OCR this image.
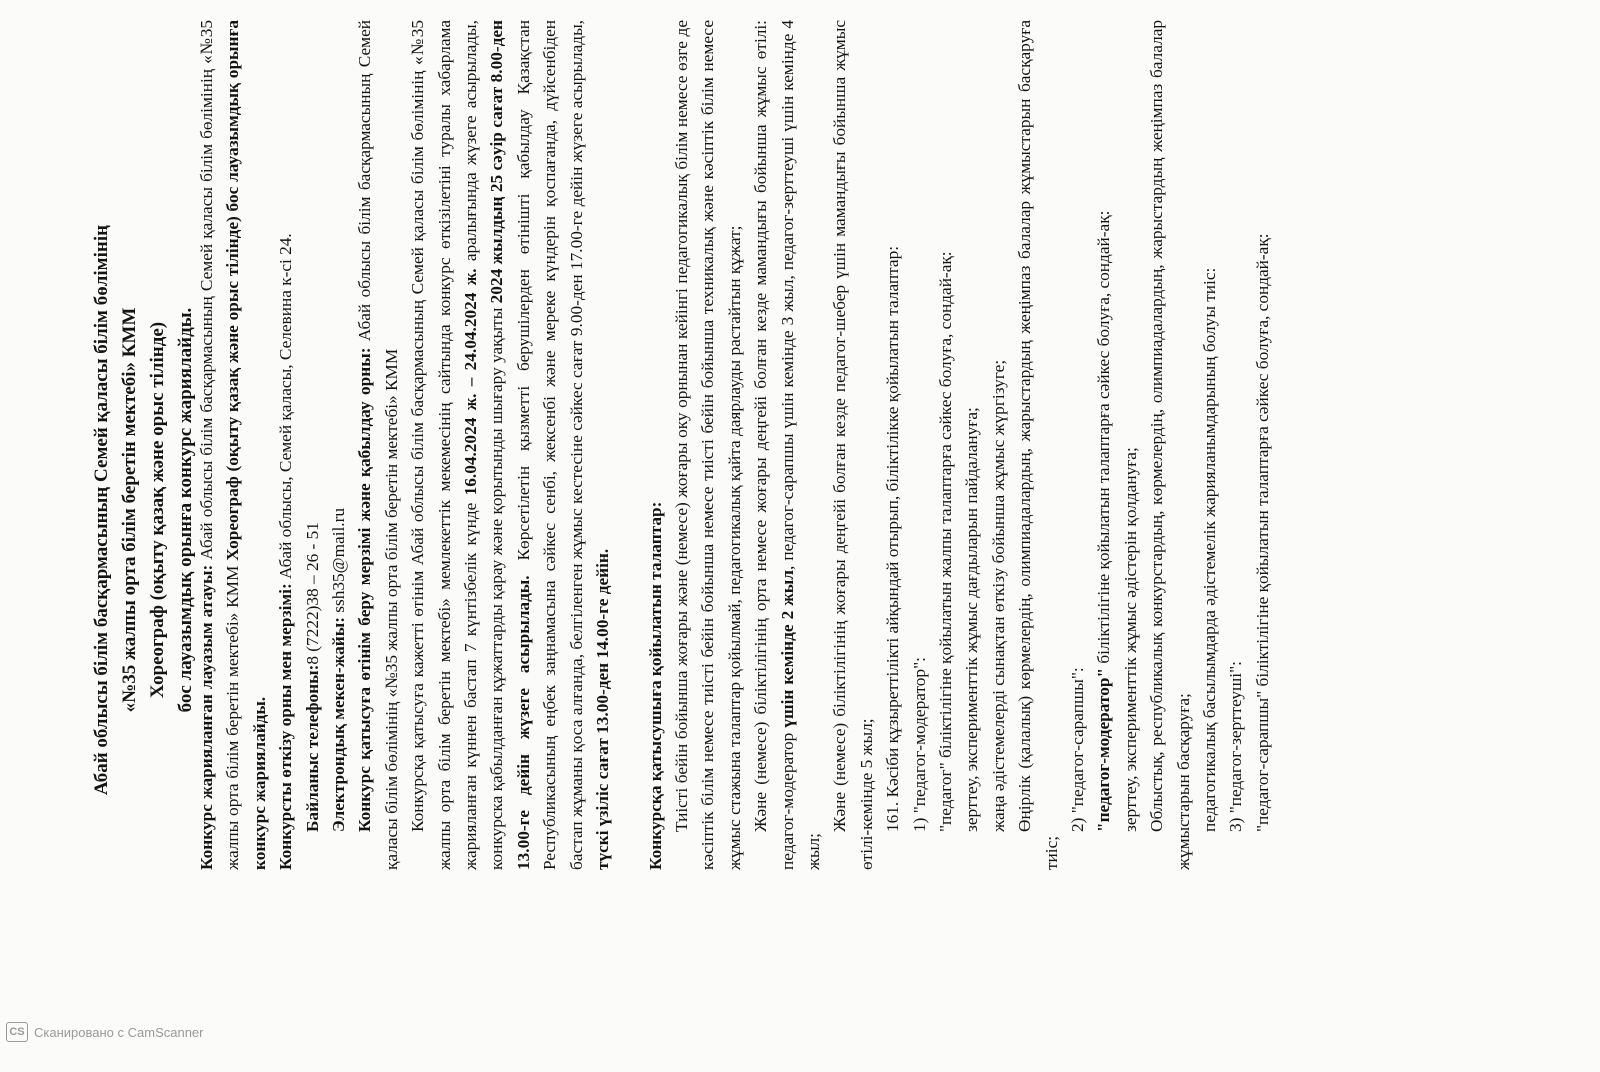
Абай облысы білім басқармасының Семей қаласы білім бөлімінің «№35 жалпы орта білім беретін мектебі» КММ Хореограф (оқыту қазақ және орыс тілінде) бос лауазымдық орынға конкурс жариялайды.

Конкурс жарияланған лауазым атауы: Абай облысы білім басқармасының Семей қаласы білім бөлімінің «№35 жалпы орта білім беретін мектебі» КММ Хореограф (оқыту қазақ және орыс тілінде) бос лауазымдық орынға конкурс жариялайды. Конкурсты өткізу орны мен мерзімі: Абай облысы, Семей қаласы, Селевина к-сі 24.

Байланыс телефоны:8 (7222)38 – 26 - 51

Электрондық мекен-жайы: ssh35@mail.ru Конкурс қатысуға өтінім беру мерзімі және қабылдау орны: Абай облысы білім басқармасының Семей қаласы білім бөлімінің «№35 жалпы орта білім беретін мектебі» КММ Конкурсқа қатысуға кажетті өтінім Абай облысы білім басқармасының Семей қаласы білім бөлімінің «№35 жалпы орта білім беретін мектебі» мемлекеттік мекемесінің сайтында конкурс өткізілетіні туралы хабарлама жарияланған күннен бастап 7 күнтізбелік күнде 16.04.2024 ж. – 24.04.2024 ж. аралығында жүзеге асырылады, конкурска қабылданған құжаттарды қарау және қорытынды шығару уақыты 2024 жылдың 25 сәуір сағат 8.00-ден 13.00-ге дейін жүзеге асырылады. Көрсетілетін қызметті берушілерден өтінішті қабылдау Қазақстан Республикасының еңбек заңнамасына сәйкес сенбі, жексенбі және мереке күндерін қоспағанда, дүйсенбіден бастап жұманы қоса алғанда, белгіленген жұмыс кестесіне сәйкес сағат 9.00-ден 17.00-ге дейін жүзеге асырылады, түскі үзіліс сағат 13.00-ден 14.00-ге дейін. Конкурсқа қатысушыға қойылатын талаптар: Тиісті бейін бойынша жоғары және (немесе) жоғары оку орнынан кейінгі педагогикалық білім немесе өзге де кәсіптік білім немесе тиісті бейін бойынша немесе тиісті бейін бойынша техникалық және кәсіптік білім немесе жұмыс стажына талаптар қойылмай, педагогикалық қайта даярлауды растайтын құжат; Және (немесе) біліктілігінің орта немесе жоғары деңгейі болған кезде мамандығы бойынша жұмыс өтілі: педагог-модератор үшін кемінде 2 жыл, педагог-сарапшы үшін кемінде 3 жыл, педагог-зерттеуші үшін кемінде 4 жыл;

Және (немесе) біліктілігінің жоғары деңгейі болған кезде педагог-шебер үшін мамандығы бойынша жұмыс өтілі-кемінде 5 жыл; 161. Кәсіби құзыреттілікті айқындай отырып, біліктілікке қойылатын талаптар: 1) "педагог-модератор": "педагог" біліктілігіне қойылатын жалпы талаптарға сәйкес болуға, сондай-ақ: зерттеу, эксперименттік жұмыс дағдыларын пайдалануға; жаңа әдістемелерді сынақтан өткізу бойынша жұмыс жүргізуге; Өңірлік (қалалық) көрмелердің, олимпиадалардың, жарыстардың жеңімпаз балалар жұмыстарын басқаруға тиіс;

2) "педагог-сарапшы": "педагог-модератор" біліктілігіне қойылатын талаптарға сәйкес болуға, сондай-ақ: зерттеу, эксперименттік жұмыс әдістерін қолдануға; Облыстық, республикалық конкурстардың, көрмелердің, олимпиадалардың, жарыстардың жеңімпаз балалар жұмыстарын басқаруға; педагогикалық басылымдарда әдістемелік жарияланымдарының болуы тиіс: 3) "педагог-зерттеуші": "педагог-сарапшы" біліктілігіне қойылатын талаптарға сәйкес болуға, сондай-ақ:

CS Сканировано с CamScanner
